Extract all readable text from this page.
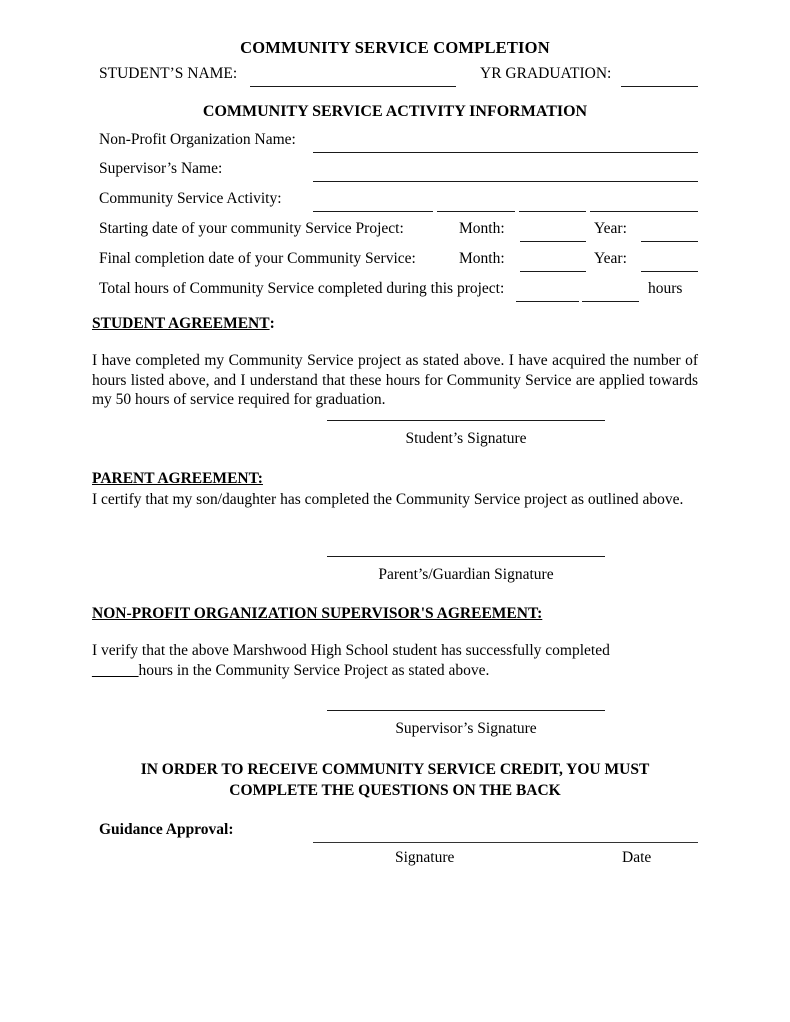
COMMUNITY SERVICE COMPLETION
STUDENT’S NAME:	YR GRADUATION:
COMMUNITY SERVICE ACTIVITY INFORMATION
Non-Profit Organization Name:
Supervisor’s Name:
Community Service Activity:
Starting date of your community Service Project:	Month:	Year:
Final completion date of your Community Service:	Month:	Year:
Total hours of Community Service completed during this project:	hours
STUDENT AGREEMENT:
I have completed my Community Service project as stated above. I have acquired the number of hours listed above, and I understand that these hours for Community Service are applied towards my 50 hours of service required for graduation.
Student’s Signature
PARENT AGREEMENT:
I certify that my son/daughter has completed the Community Service project as outlined above.
Parent’s/Guardian Signature
NON-PROFIT ORGANIZATION SUPERVISOR'S AGREEMENT:
I verify that the above Marshwood High School student has successfully completed
______hours in the Community Service Project as stated above.
Supervisor’s Signature
IN ORDER TO RECEIVE COMMUNITY SERVICE CREDIT, YOU MUST
COMPLETE THE QUESTIONS ON THE BACK
Guidance Approval:
Signature	Date
